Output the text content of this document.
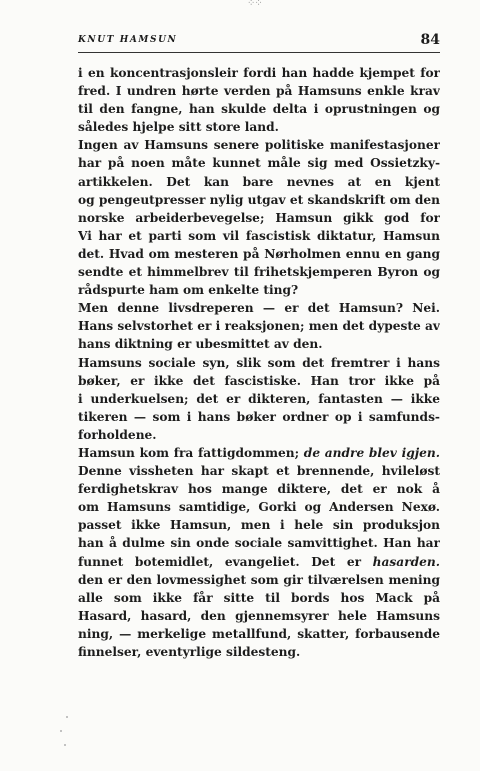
⁘⁘
KNUT HAMSUN	84
i en koncentrasjonsleir fordi han hadde kjempet for
fred. I undren hørte verden på Hamsuns enkle krav
til den fangne, han skulde delta i oprustningen og
således hjelpe sitt store land.
Ingen av Hamsuns senere politiske manifestasjoner
har på noen måte kunnet måle sig med Ossietzky-
artikkelen. Det kan bare nevnes at en kjent
og pengeutpresser nylig utgav et skandskrift om den
norske arbeiderbevegelse; Hamsun gikk god for
Vi har et parti som vil fascistisk diktatur, Hamsun
det. Hvad om mesteren på Nørholmen ennu en gang
sendte et himmelbrev til frihetskjemperen Byron og
rådspurte ham om enkelte ting?
Men denne livsdreperen — er det Hamsun? Nei.
Hans selvstorhet er i reaksjonen; men det dypeste av
hans diktning er ubesmittet av den.
Hamsuns sociale syn, slik som det fremtrer i hans
bøker, er ikke det fascistiske. Han tror ikke på
i underkuelsen; det er dikteren, fantasten — ikke
tikeren — som i hans bøker ordner op i samfunds-
forholdene.
Hamsun kom fra fattigdommen; de andre blev igjen.
Denne vissheten har skapt et brennende, hvileløst
ferdighetskrav hos mange diktere, det er nok å
om Hamsuns samtidige, Gorki og Andersen Nexø.
passet ikke Hamsun, men i hele sin produksjon
han å dulme sin onde sociale samvittighet. Han har
funnet botemidlet, evangeliet. Det er hasarden.
den er den lovmessighet som gir tilværelsen mening
alle som ikke får sitte til bords hos Mack på
Hasard, hasard, den gjennemsyrer hele Hamsuns
ning, — merkelige metallfund, skatter, forbausende
finnelser, eventyrlige sildesteng.
